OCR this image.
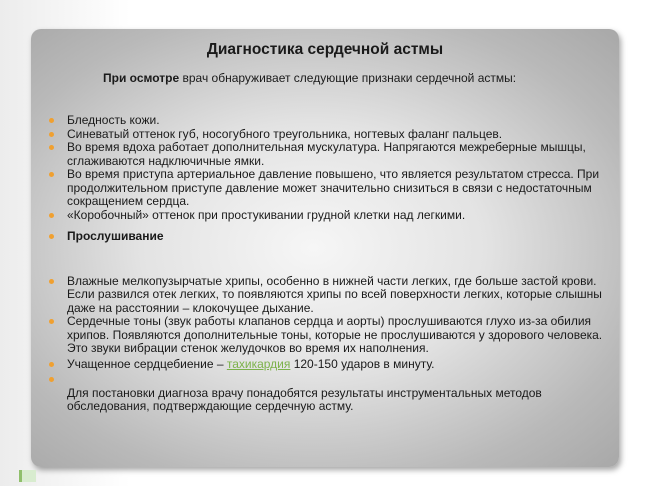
Диагностика сердечной астмы
При осмотре врач обнаруживает следующие признаки сердечной астмы:
Бледность кожи.
Синеватый оттенок губ, носогубного треугольника, ногтевых фаланг пальцев.
Во время вдоха работает дополнительная мускулатура. Напрягаются межреберные мышцы, сглаживаются надключичные ямки.
Во время приступа артериальное давление повышено, что является результатом стресса. При продолжительном приступе давление может значительно снизиться в связи с недостаточным сокращением сердца.
«Коробочный» оттенок при простукивании грудной клетки над легкими.
Прослушивание
Влажные мелкопузырчатые хрипы, особенно в нижней части легких, где больше застой крови. Если развился отек легких, то появляются хрипы по всей поверхности легких, которые слышны даже на расстоянии – клокочущее дыхание.
Сердечные тоны (звук работы клапанов сердца и аорты) прослушиваются глухо из-за обилия хрипов. Появляются дополнительные тоны, которые не прослушиваются у здорового человека. Это звуки вибрации стенок желудочков во время их наполнения.
Учащенное сердцебиение – тахикардия 120-150 ударов в минуту.

Для постановки диагноза врачу понадобятся результаты инструментальных методов обследования, подтверждающие сердечную астму.
